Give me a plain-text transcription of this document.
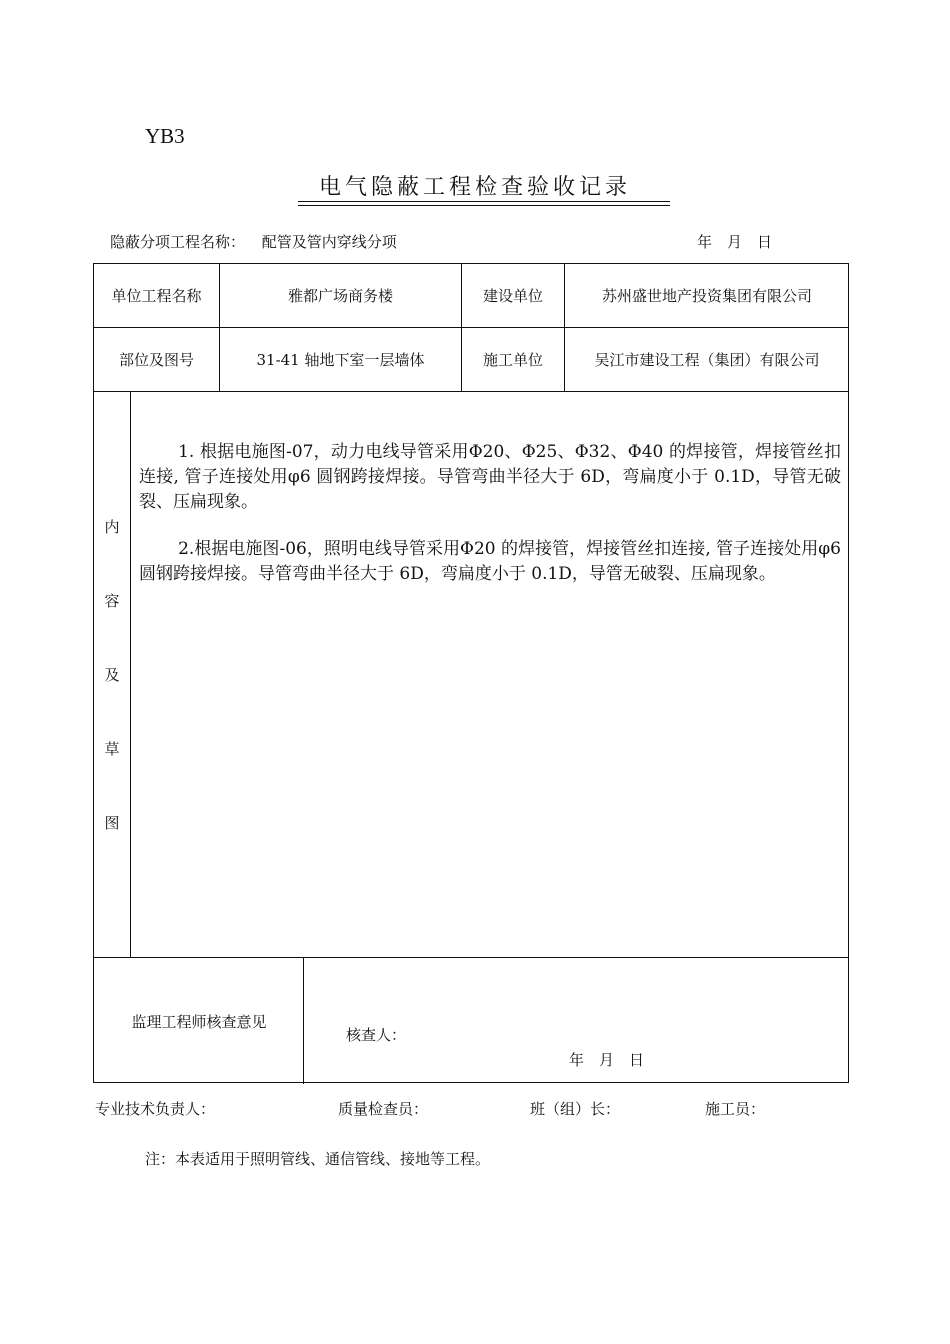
YB3
电气隐蔽工程检查验收记录
隐蔽分项工程名称： 配管及管内穿线分项	年　月　日
单位工程名称	雅都广场商务楼	建设单位	苏州盛世地产投资集团有限公司
部位及图号	31-41 轴地下室一层墙体	施工单位	吴江市建设工程（集团）有限公司
内
容
及
草
图

1. 根据电施图-07，动力电线导管采用Φ20、Φ25、Φ32、Φ40 的焊接管，焊接管丝扣连接, 管子连接处用φ6 圆钢跨接焊接。导管弯曲半径大于 6D，弯扁度小于 0.1D，导管无破裂、压扁现象。

2.根据电施图-06，照明电线导管采用Φ20 的焊接管，焊接管丝扣连接, 管子连接处用φ6 圆钢跨接焊接。导管弯曲半径大于 6D，弯扁度小于 0.1D，导管无破裂、压扁现象。

监理工程师核查意见
核查人：
年　月　日
专业技术负责人：	质量检查员：	班（组）长：	施工员：
注：本表适用于照明管线、通信管线、接地等工程。
